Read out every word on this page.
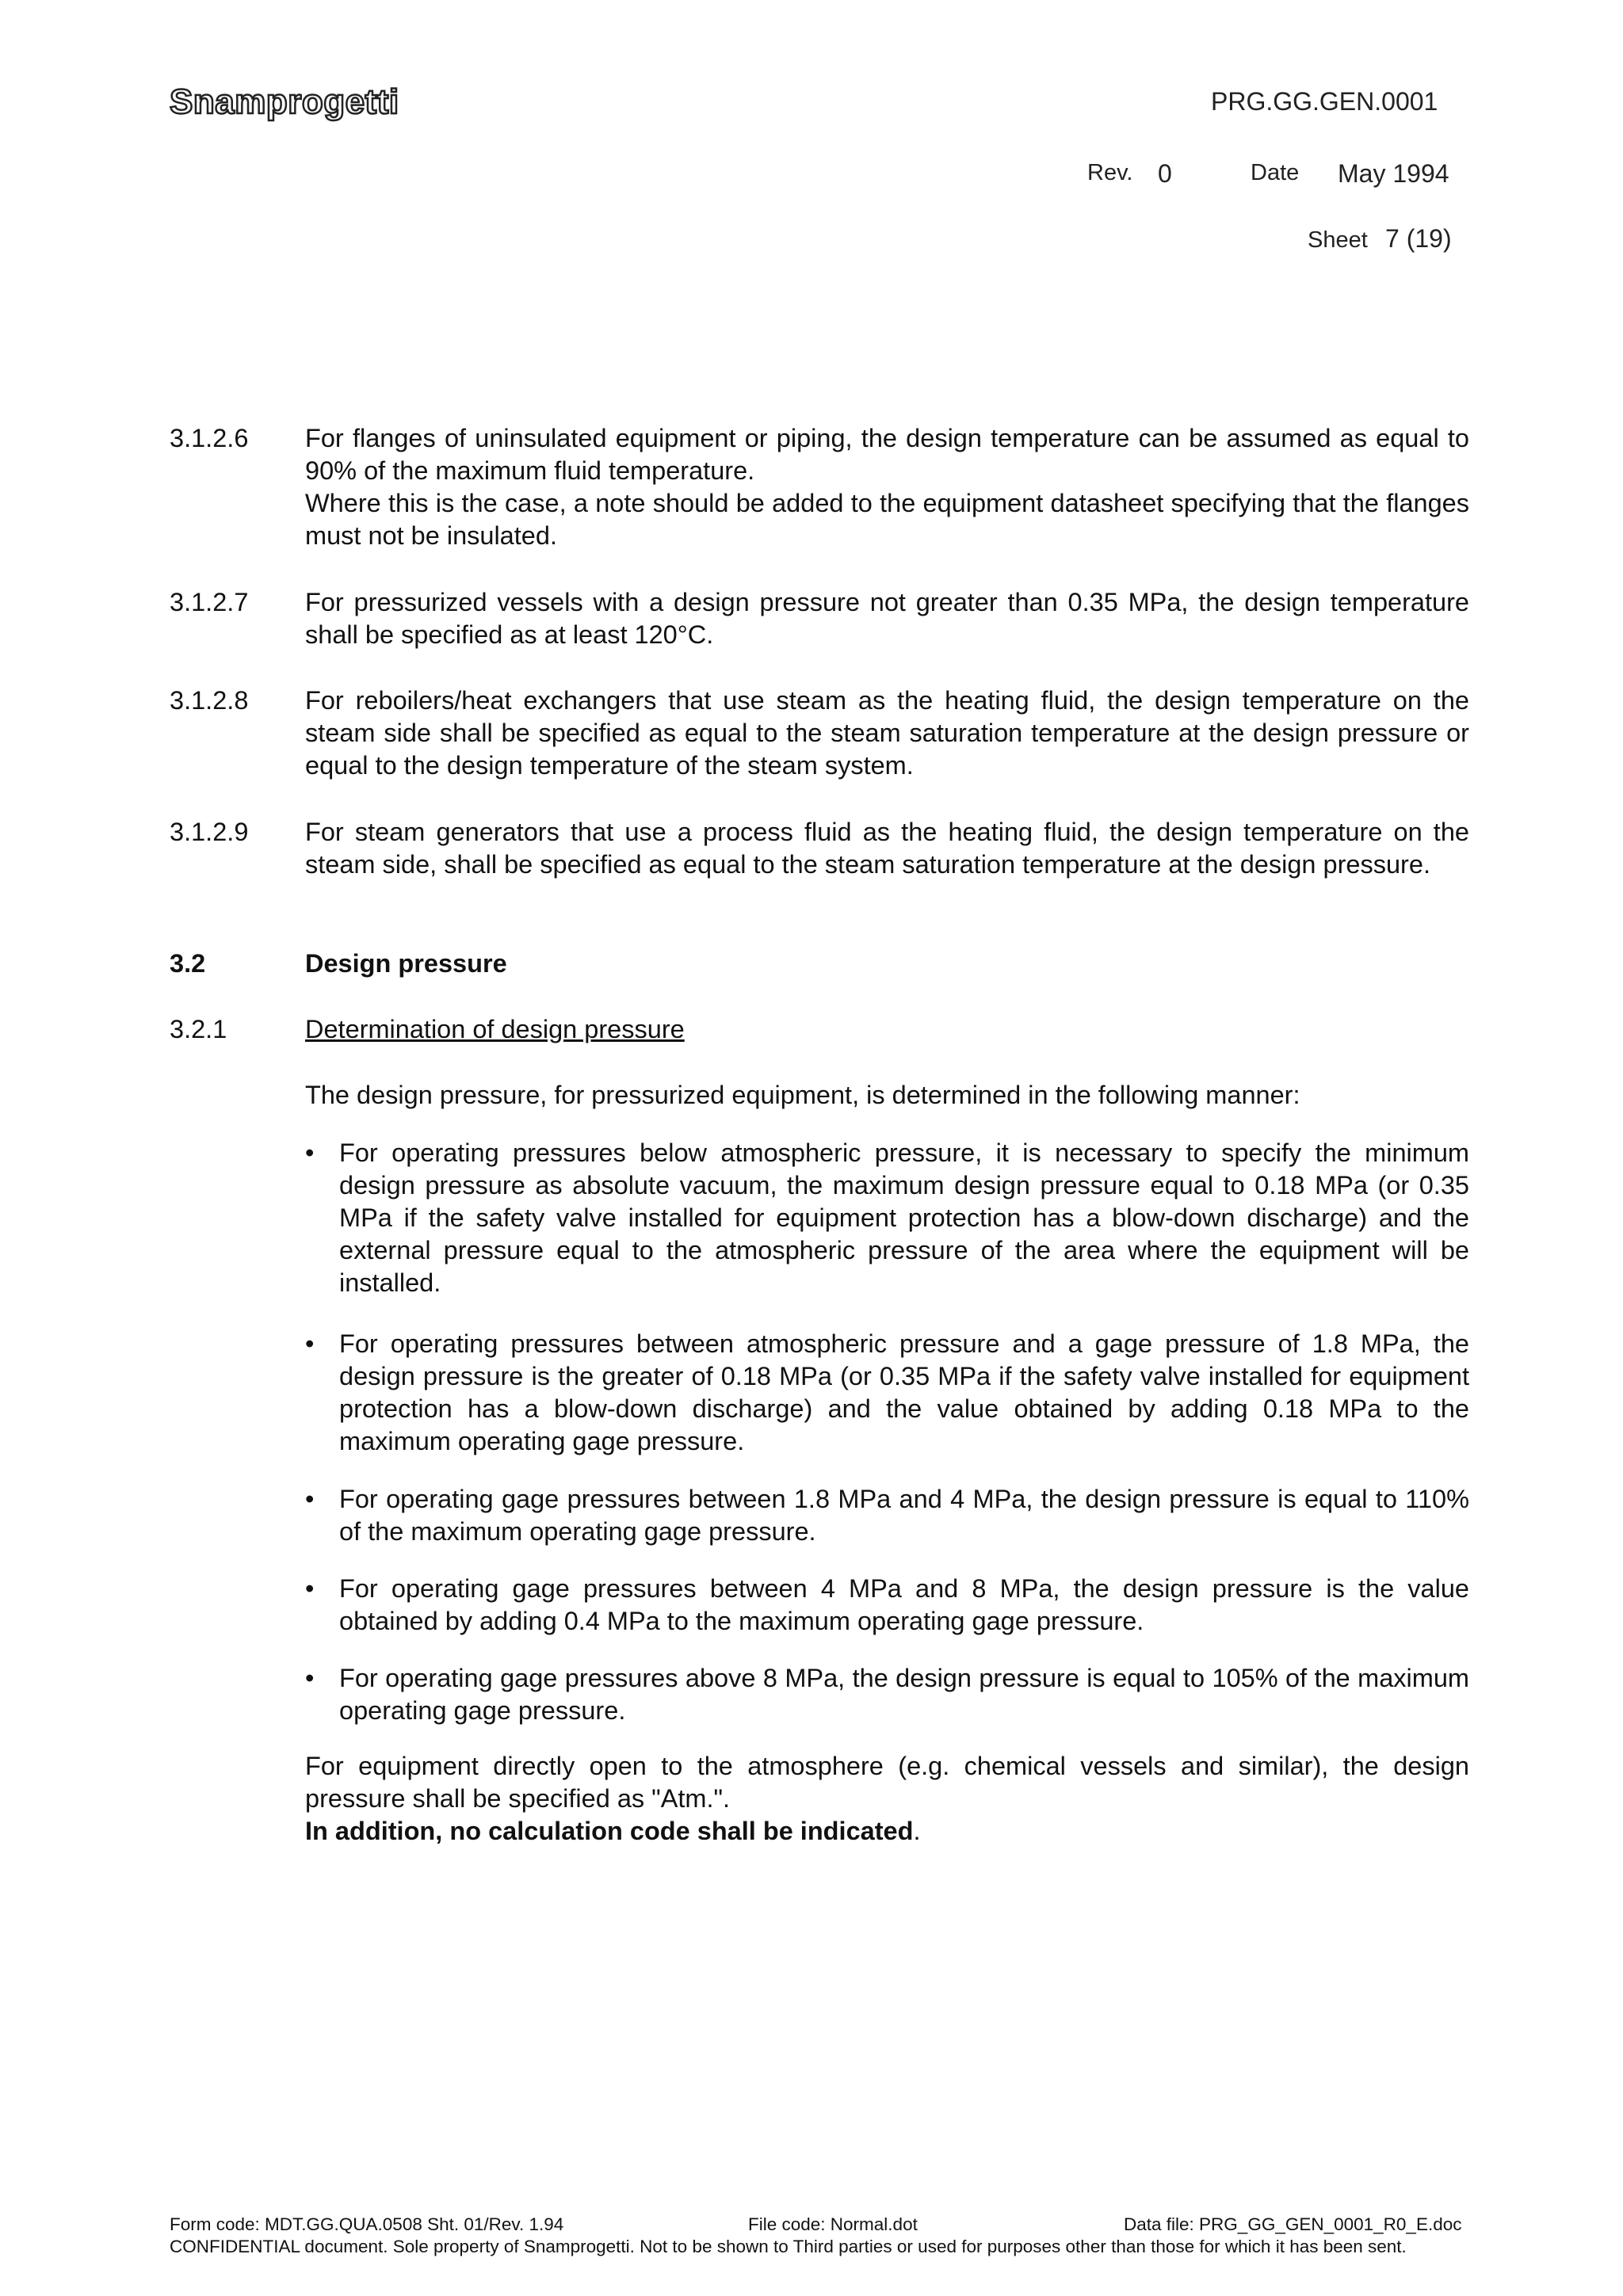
Snamprogetti	PRG.GG.GEN.0001
Rev. 0	Date May 1994
Sheet 7 (19)
3.1.2.6	For flanges of uninsulated equipment or piping, the design temperature can be assumed as equal to 90% of the maximum fluid temperature.

Where this is the case, a note should be added to the equipment datasheet specifying that the flanges must not be insulated.

3.1.2.7	For pressurized vessels with a design pressure not greater than 0.35 MPa, the design temperature shall be specified as at least 120°C.

3.1.2.8	For reboilers/heat exchangers that use steam as the heating fluid, the design temperature on the steam side shall be specified as equal to the steam saturation temperature at the design pressure or equal to the design temperature of the steam system.

3.1.2.9	For steam generators that use a process fluid as the heating fluid, the design temperature on the steam side, shall be specified as equal to the steam saturation temperature at the design pressure.

3.2	Design pressure
3.2.1	Determination of design pressure
The design pressure, for pressurized equipment, is determined in the following manner:
• For operating pressures below atmospheric pressure, it is necessary to specify the minimum design pressure as absolute vacuum, the maximum design pressure equal to 0.18 MPa (or 0.35 MPa if the safety valve installed for equipment protection has a blow-down discharge) and the external pressure equal to the atmospheric pressure of the area where the equipment will be installed.
• For operating pressures between atmospheric pressure and a gage pressure of 1.8 MPa, the design pressure is the greater of 0.18 MPa (or 0.35 MPa if the safety valve installed for equipment protection has a blow-down discharge) and the value obtained by adding 0.18 MPa to the maximum operating gage pressure.
• For operating gage pressures between 1.8 MPa and 4 MPa, the design pressure is equal to 110% of the maximum operating gage pressure.
• For operating gage pressures between 4 MPa and 8 MPa, the design pressure is the value obtained by adding 0.4 MPa to the maximum operating gage pressure.
• For operating gage pressures above 8 MPa, the design pressure is equal to 105% of the maximum operating gage pressure.

For equipment directly open to the atmosphere (e.g. chemical vessels and similar), the design pressure shall be specified as "Atm.".

In addition, no calculation code shall be indicated.

Form code: MDT.GG.QUA.0508 Sht. 01/Rev. 1.94	File code: Normal.dot	Data file: PRG_GG_GEN_0001_R0_E.doc
CONFIDENTIAL document. Sole property of Snamprogetti. Not to be shown to Third parties or used for purposes other than those for which it has been sent.
